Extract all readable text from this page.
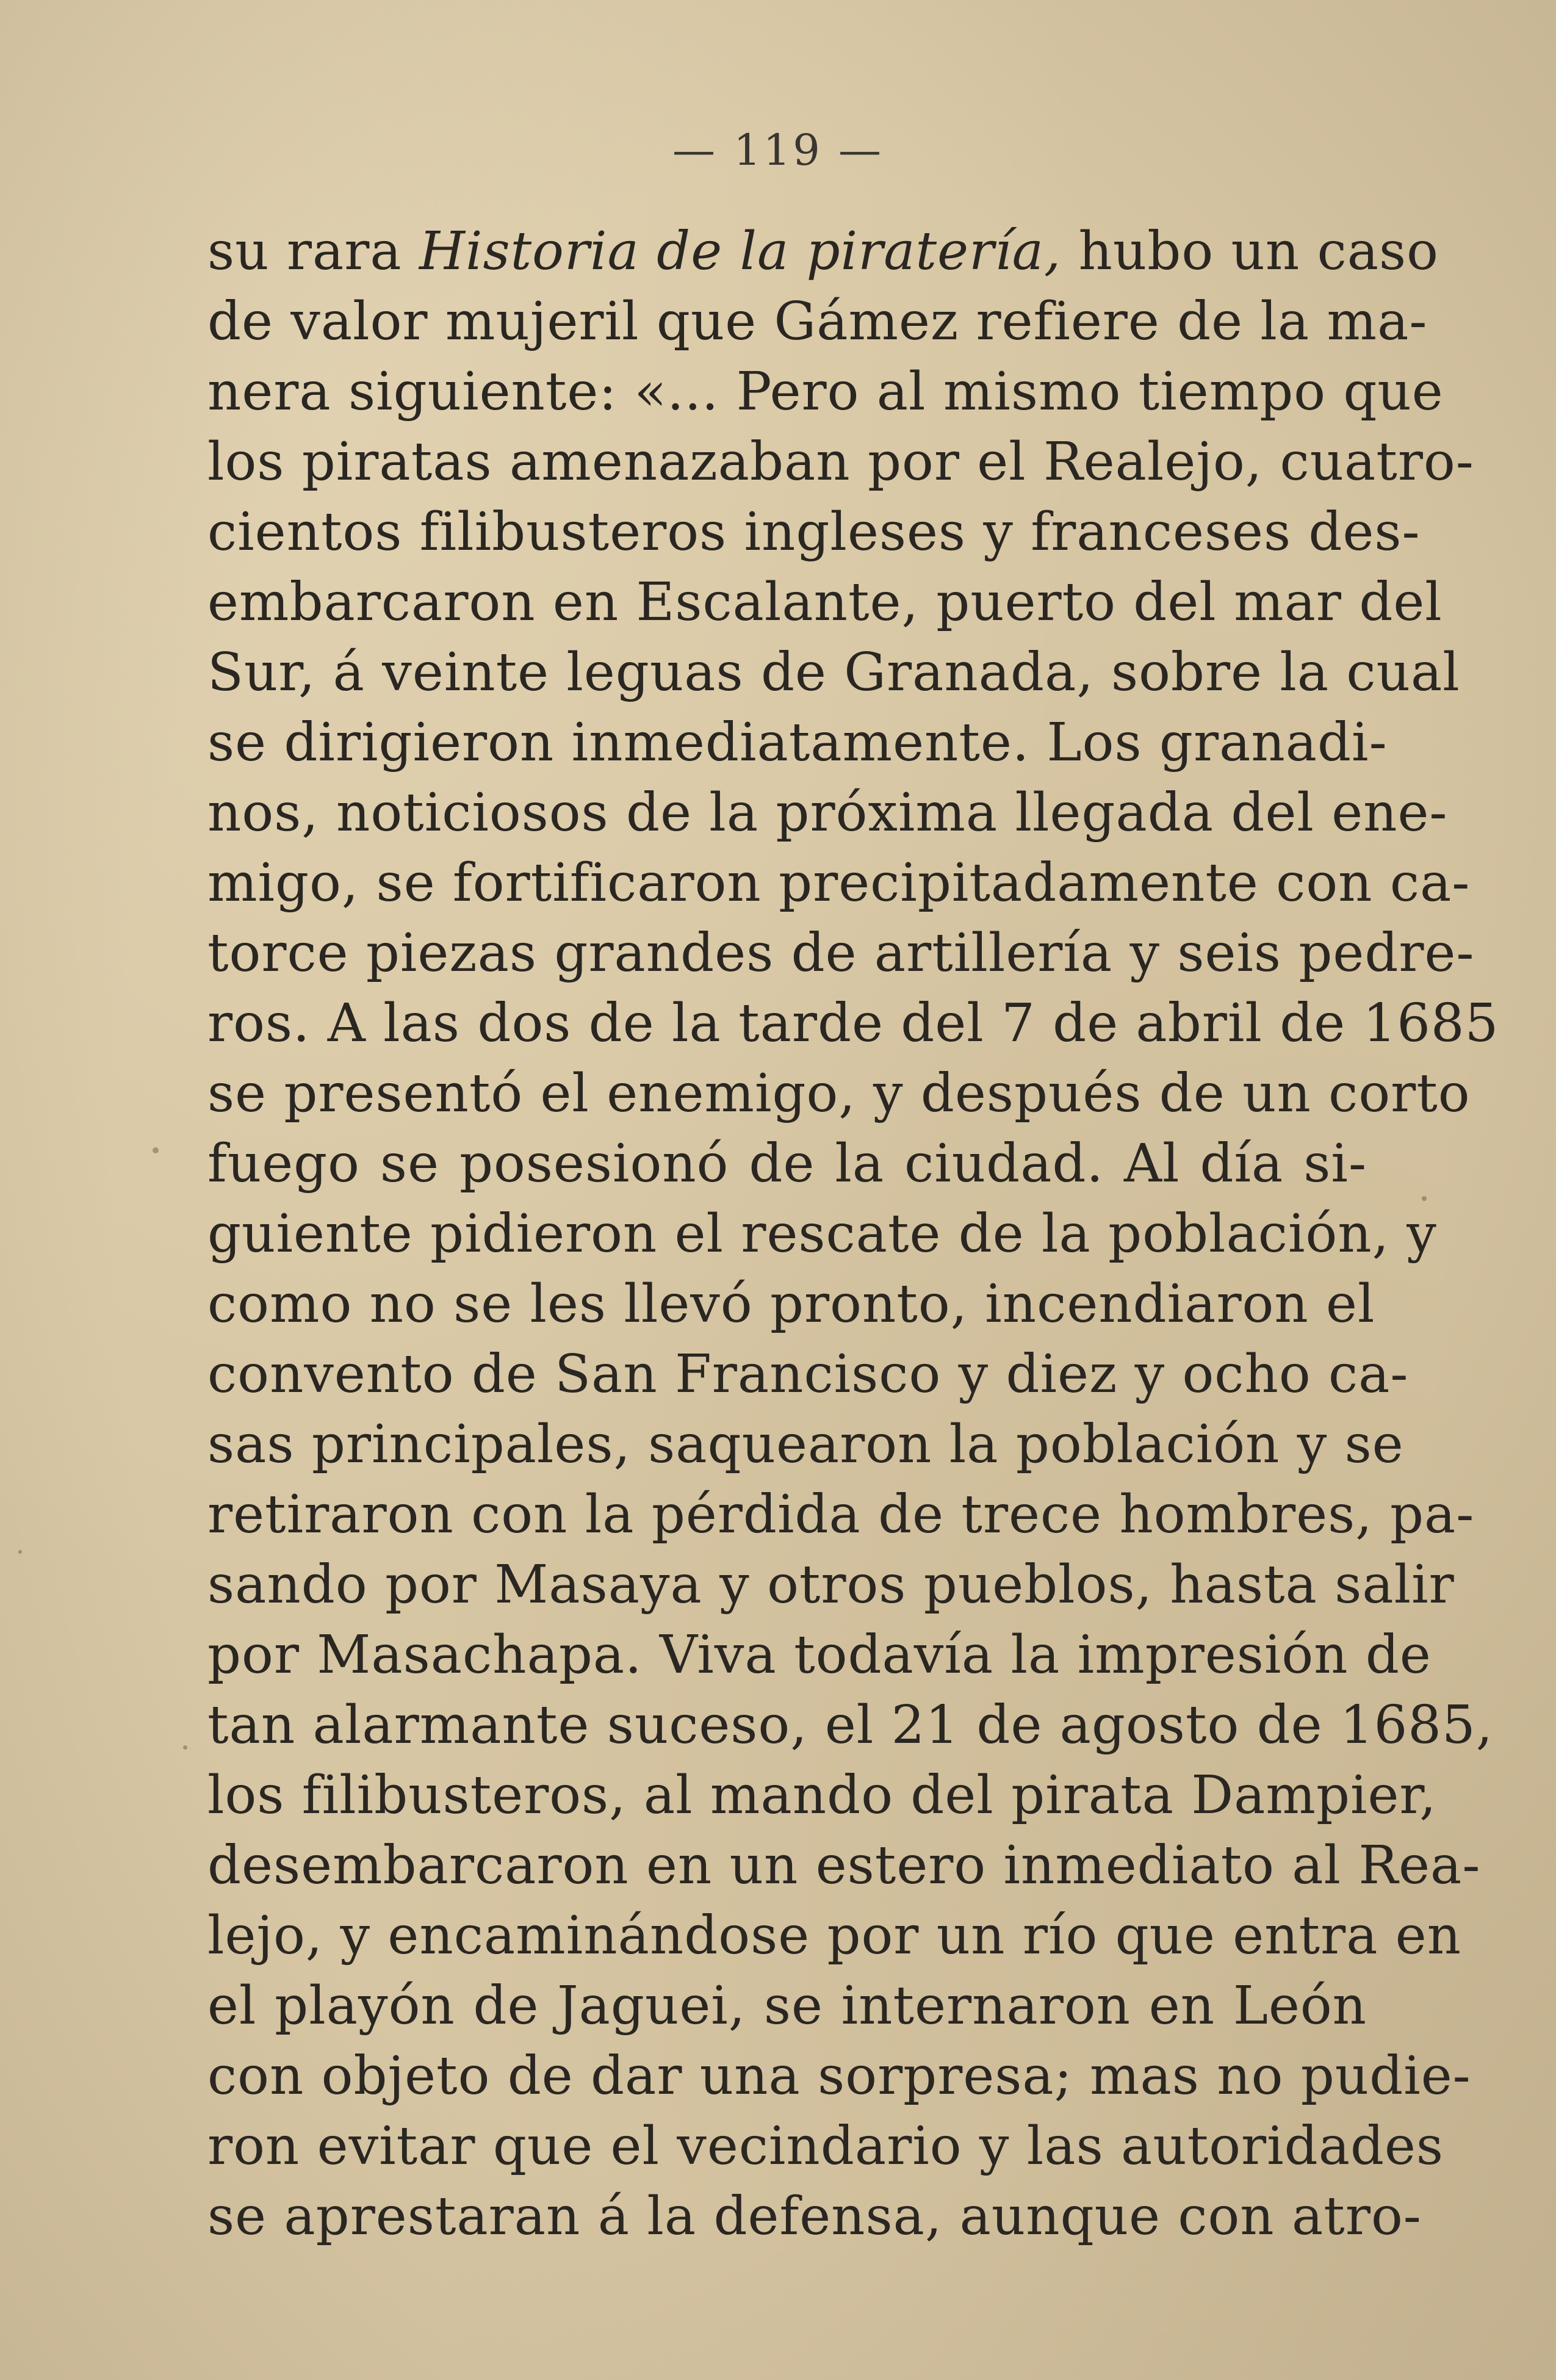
— 119 —
su rara Historia de la piratería, hubo un caso
de valor mujeril que Gámez refiere de la ma-
nera siguiente: «... Pero al mismo tiempo que
los piratas amenazaban por el Realejo, cuatro-
cientos filibusteros ingleses y franceses des-
embarcaron en Escalante, puerto del mar del
Sur, á veinte leguas de Granada, sobre la cual
se dirigieron inmediatamente. Los granadi-
nos, noticiosos de la próxima llegada del ene-
migo, se fortificaron precipitadamente con ca-
torce piezas grandes de artillería y seis pedre-
ros. A las dos de la tarde del 7 de abril de 1685
se presentó el enemigo, y después de un corto
fuego se posesionó de la ciudad. Al día si-
guiente pidieron el rescate de la población, y
como no se les llevó pronto, incendiaron el
convento de San Francisco y diez y ocho ca-
sas principales, saquearon la población y se
retiraron con la pérdida de trece hombres, pa-
sando por Masaya y otros pueblos, hasta salir
por Masachapa. Viva todavía la impresión de
tan alarmante suceso, el 21 de agosto de 1685,
los filibusteros, al mando del pirata Dampier,
desembarcaron en un estero inmediato al Rea-
lejo, y encaminándose por un río que entra en
el playón de Jaguei, se internaron en León
con objeto de dar una sorpresa; mas no pudie-
ron evitar que el vecindario y las autoridades
se aprestaran á la defensa, aunque con atro-
